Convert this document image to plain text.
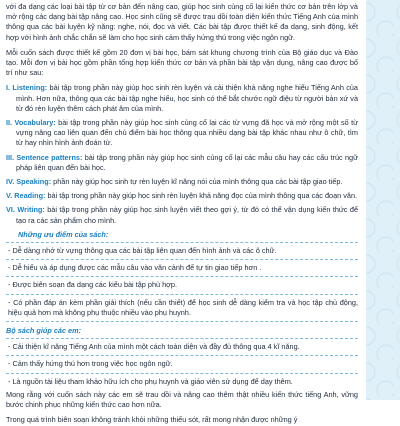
với đa dạng các loại bài tập từ cơ bản đến nâng cao, giúp học sinh củng cố lại kiến thức cơ bản trên lớp và mở rộng các dạng bài tập nâng cao. Học sinh cũng sẽ được trau dồi toàn diện kiến thức Tiếng Anh của mình thông qua các bài luyện kỹ năng: nghe, nói, đọc và viết. Các bài tập được thiết kế đa dạng, sinh động, kết hợp với hình ảnh chắc chắn sẽ làm cho học sinh cảm thấy hứng thú trong việc ngôn ngữ.

Mỗi cuốn sách được thiết kế gồm 20 đơn vị bài học, bám sát khung chương trình của Bộ giáo dục và Đào tạo. Mỗi đơn vị bài học gồm phần tổng hợp kiến thức cơ bản và phần bài tập vận dụng, nâng cao được bố trí như sau:

I. Listening: bài tập trong phần này giúp học sinh rèn luyện và cải thiện khả năng nghe hiểu Tiếng Anh của mình. Hơn nữa, thông qua các bài tập nghe hiểu, học sinh có thể bắt chước ngữ điệu từ người bản xứ và từ đó rèn luyện thêm cách phát âm của mình.

II. Vocabulary: bài tập trong phần này giúp học sinh củng cố lại các từ vựng đã học và mở rộng một số từ vựng nâng cao liên quan đến chủ điểm bài học thông qua nhiều dạng bài tập khác nhau như ô chữ, tìm từ hay nhìn hình ảnh đoán từ.

III. Sentence patterns: bài tập trong phần này giúp học sinh củng cố lại các mẫu câu hay các cấu trúc ngữ pháp liên quan đến bài học.

IV. Speaking: phần này giúp học sinh tự rèn luyện kĩ năng nói của mình thông qua các bài tập giao tiếp.

V. Reading: bài tập trong phần này giúp học sinh rèn luyện khả năng đọc của mình thông qua các đoạn văn.

VI. Writing: bài tập trong phần này giúp học sinh luyện viết theo gợi ý, từ đó có thể vận dụng kiến thức để tạo ra các sản phẩm cho mình.

Những ưu điểm của sách:

- Dễ dàng nhớ từ vựng thông qua các bài tập liên quan đến hình ảnh và các ô chữ.

- Dễ hiểu và áp dụng được các mẫu câu vào văn cảnh để tự tin giao tiếp hơn .

- Được biên soạn đa dạng các kiểu bài tập phù hợp.

- Có phần đáp án kèm phần giải thích (nếu cần thiết) để học sinh dễ dàng kiểm tra và học tập chủ động, hiệu quả hơn mà không phụ thuộc nhiều vào phụ huynh.

Bộ sách giúp các em:

- Cải thiện kĩ năng Tiếng Anh của mình một cách toàn diện và đầy đủ thông qua 4 kĩ năng.

- Cảm thấy hứng thú hơn trong việc học ngôn ngữ.

- Là nguồn tài liệu tham khảo hữu ích cho phụ huynh và giáo viên sử dụng để dạy thêm.

Mong rằng với cuốn sách này các em sẽ trau dồi và nâng cao thêm thật nhiều kiến thức tiếng Anh, vững bước chinh phục những kiến thức cao hơn nữa.

Trong quá trình biên soạn không tránh khỏi những thiếu sót, rất mong nhận được những ý
